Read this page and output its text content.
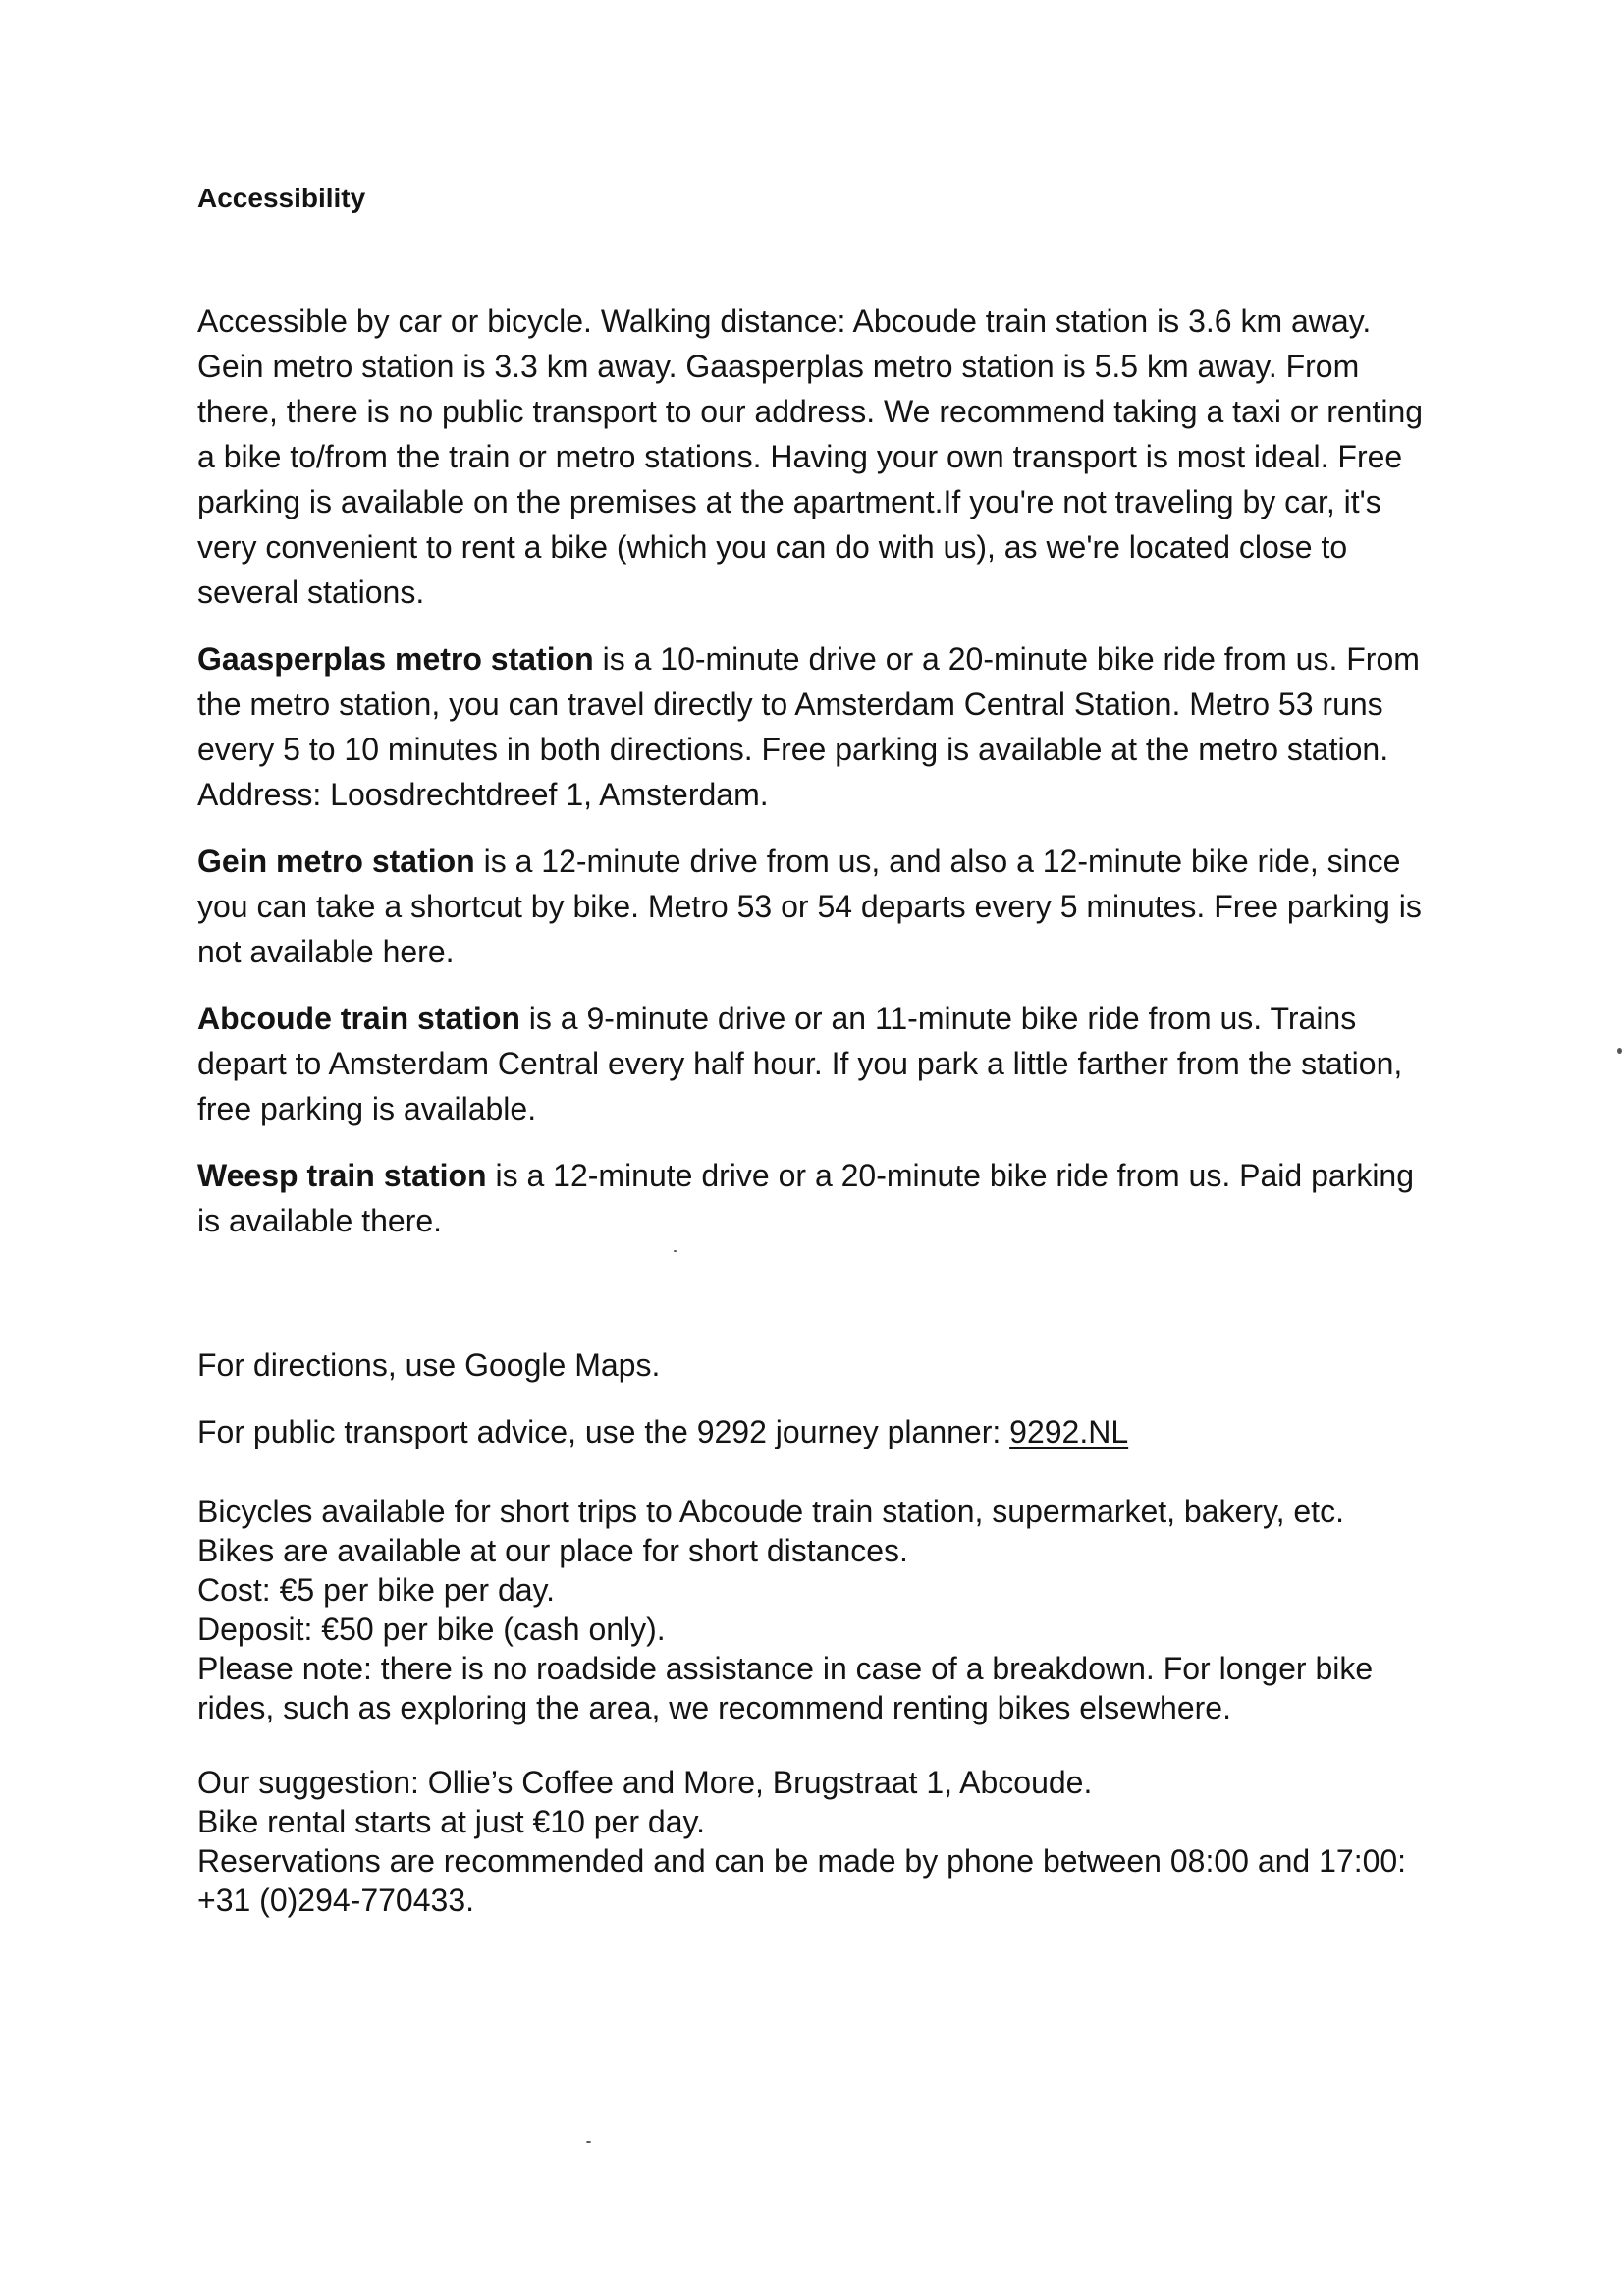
Accessibility

Accessible by car or bicycle. Walking distance: Abcoude train station is 3.6 km away. Gein metro station is 3.3 km away. Gaasperplas metro station is 5.5 km away. From there, there is no public transport to our address. We recommend taking a taxi or renting a bike to/from the train or metro stations. Having your own transport is most ideal. Free parking is available on the premises at the apartment.If you're not traveling by car, it's very convenient to rent a bike (which you can do with us), as we're located close to several stations.

Gaasperplas metro station is a 10-minute drive or a 20-minute bike ride from us. From the metro station, you can travel directly to Amsterdam Central Station. Metro 53 runs every 5 to 10 minutes in both directions. Free parking is available at the metro station. Address: Loosdrechtdreef 1, Amsterdam.

Gein metro station is a 12-minute drive from us, and also a 12-minute bike ride, since you can take a shortcut by bike. Metro 53 or 54 departs every 5 minutes. Free parking is not available here.

Abcoude train station is a 9-minute drive or an 11-minute bike ride from us. Trains depart to Amsterdam Central every half hour. If you park a little farther from the station, free parking is available.

Weesp train station is a 12-minute drive or a 20-minute bike ride from us. Paid parking is available there.

For directions, use Google Maps.

For public transport advice, use the 9292 journey planner: 9292.NL

Bicycles available for short trips to Abcoude train station, supermarket, bakery, etc.
Bikes are available at our place for short distances.
Cost: €5 per bike per day.
Deposit: €50 per bike (cash only).
Please note: there is no roadside assistance in case of a breakdown. For longer bike rides, such as exploring the area, we recommend renting bikes elsewhere.
Our suggestion: Ollie’s Coffee and More, Brugstraat 1, Abcoude.
Bike rental starts at just €10 per day.
Reservations are recommended and can be made by phone between 08:00 and 17:00: +31 (0)294-770433.
